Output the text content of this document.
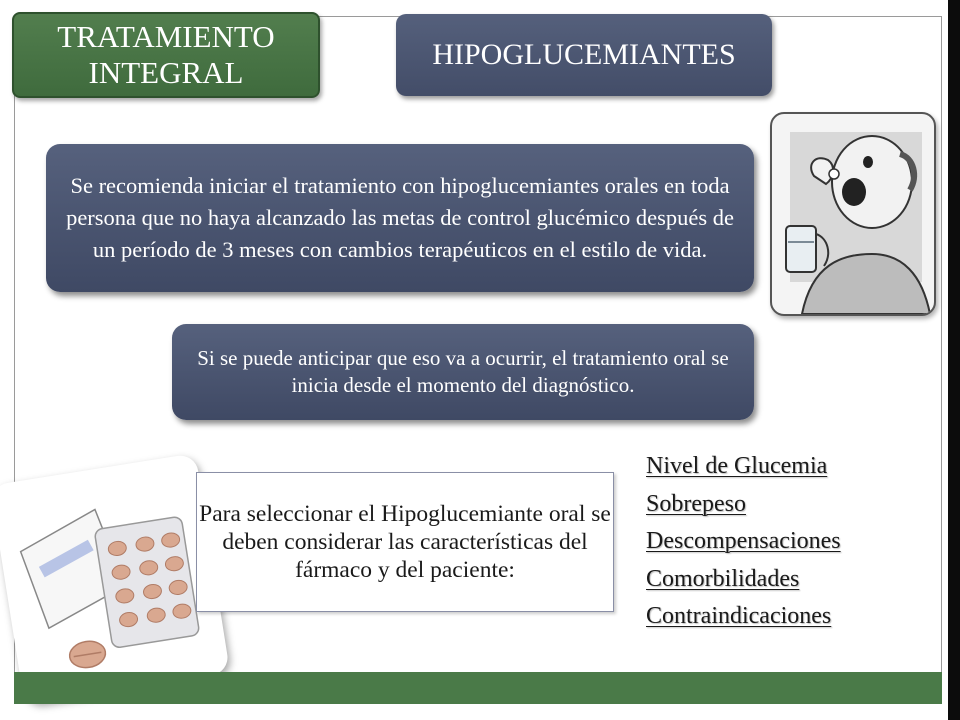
TRATAMIENTO
INTEGRAL
HIPOGLUCEMIANTES
Se recomienda iniciar el tratamiento con hipoglucemiantes orales en toda persona que no haya alcanzado las metas de control glucémico después de un período de 3 meses con cambios terapéuticos en el estilo de vida.
Si se puede anticipar que eso va a ocurrir, el tratamiento oral se inicia desde el momento del diagnóstico.
Para seleccionar el Hipoglucemiante oral se deben considerar las características del fármaco y del paciente:
Nivel de Glucemia
Sobrepeso
Descompensaciones
Comorbilidades
Contraindicaciones
